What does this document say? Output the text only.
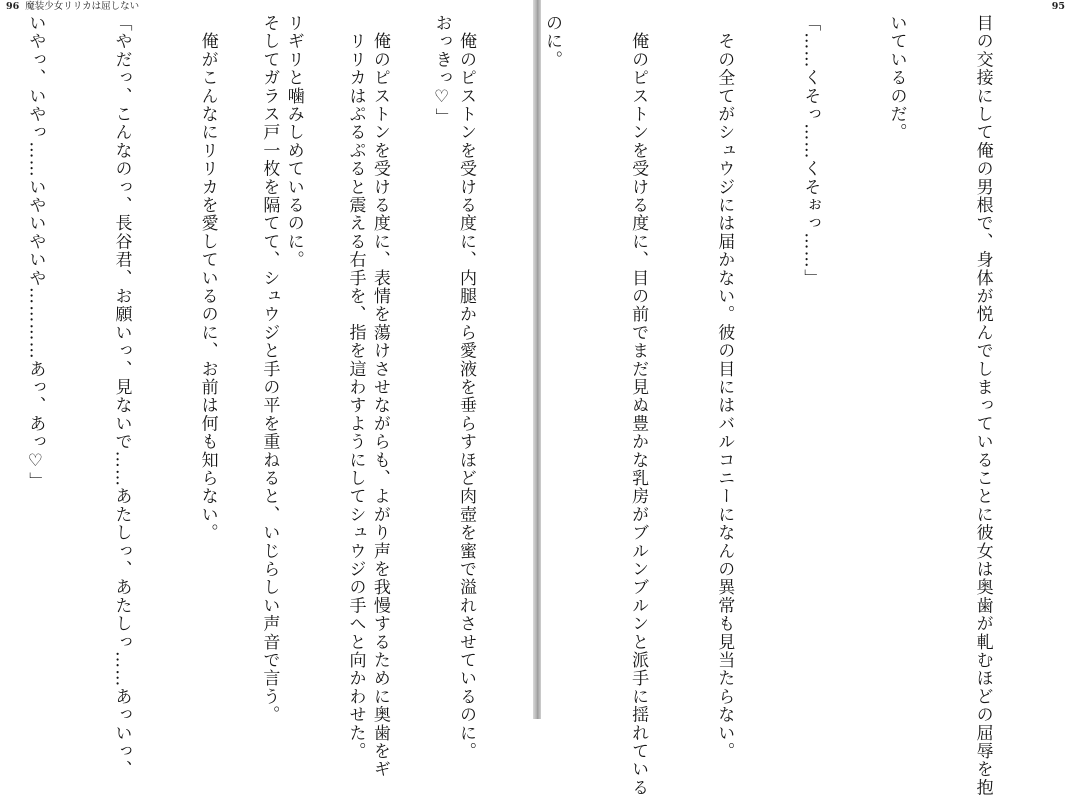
96 魔装少女リリカは屈しない

おっきっ♡」

　リリカはぷるぷると震える右手を、指を這わすようにしてシュウジの手へと向かわせた。

そしてガラス戸一枚を隔てて、シュウジと手の平を重ねると、いじらしい声音で言う。

95

目の交接にして俺の男根で、身体が悦んでしまっていることに彼女は奥歯が軋むほどの屈辱を抱

いているのだ。

「……くそっ……くそぉっ……」

　その全てがシュウジには届かない。彼の目にはバルコニーになんの異常も見当たらない。

　俺のピストンを受ける度に、目の前でまだ見ぬ豊かな乳房がブルンブルンと派手に揺れている

のに。

　俺のピストンを受ける度に、内腿から愛液を垂らすほど肉壺を蜜で溢れさせているのに。

　俺のピストンを受ける度に、表情を蕩けさせながらも、よがり声を我慢するために奥歯をギ

リギリと噛みしめているのに。

　俺がこんなにリリカを愛しているのに、お前は何も知らない。

「やだっ、こんなのっ、長谷君、お願いっ、見ないで……あたしっ、あたしっ……あっいっ、

いやっ、いやっ……いやいやいや…………あっ、あっ♡」
